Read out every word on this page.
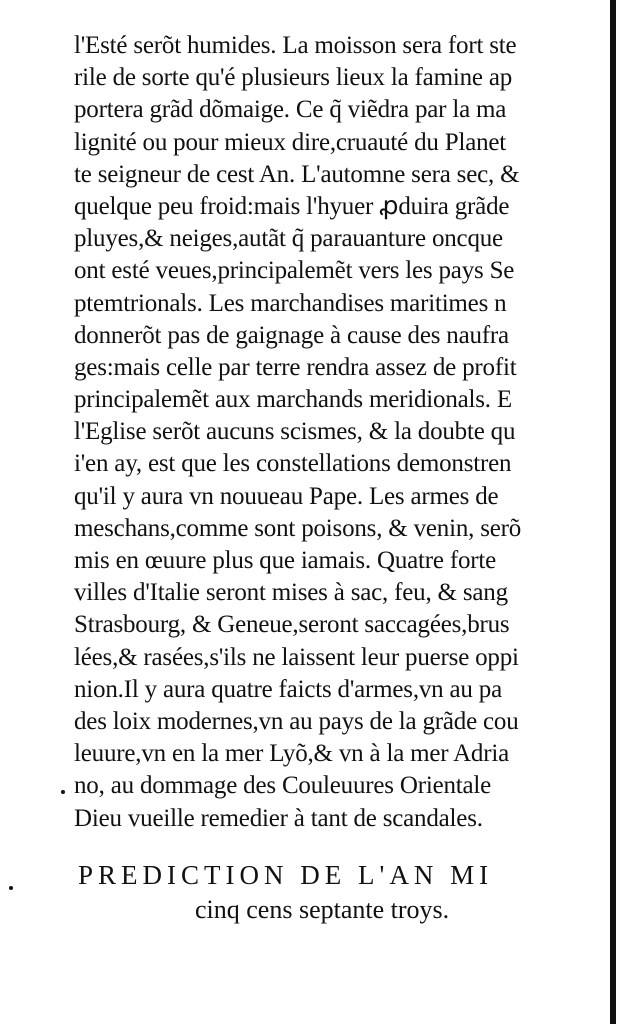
l'Esté serõt humides. La moisson sera fort ste
rile de sorte qu'é plusieurs lieux la famine ap
portera grãd dõmaige. Ce q̃ viẽdra par la ma
lignité ou pour mieux dire,cruauté du Planet
te seigneur de cest An. L'automne sera sec, &
quelque peu froid:mais l'hyuer ꝓduira grãde
pluyes,& neiges,autãt q̃ parauanture oncque
ont esté veues,principalemẽt vers les pays Se
ptemtrionals. Les marchandises maritimes n
donnerõt pas de gaignage à cause des naufra
ges:mais celle par terre rendra assez de profit
principalemẽt aux marchands meridionals. E
l'Eglise serõt aucuns scismes, & la doubte qu
i'en ay, est que les constellations demonstren
qu'il y aura vn nouueau Pape. Les armes de
meschans,comme sont poisons, & venin, serõ
mis en œuure plus que iamais. Quatre forte
villes d'Italie seront mises à sac, feu, & sang
Strasbourg, & Geneue,seront saccagées,brus
lées,& rasées,s'ils ne laissent leur puerse oppi
nion.Il y aura quatre faicts d'armes,vn au pa
des loix modernes,vn au pays de la grãde cou
leuure,vn en la mer Lyõ,& vn à la mer Adria
no, au dommage des Couleuures Orientale
Dieu vueille remedier à tant de scandales.
PREDICTION DE L'AN MI
cinq cens septante troys.
